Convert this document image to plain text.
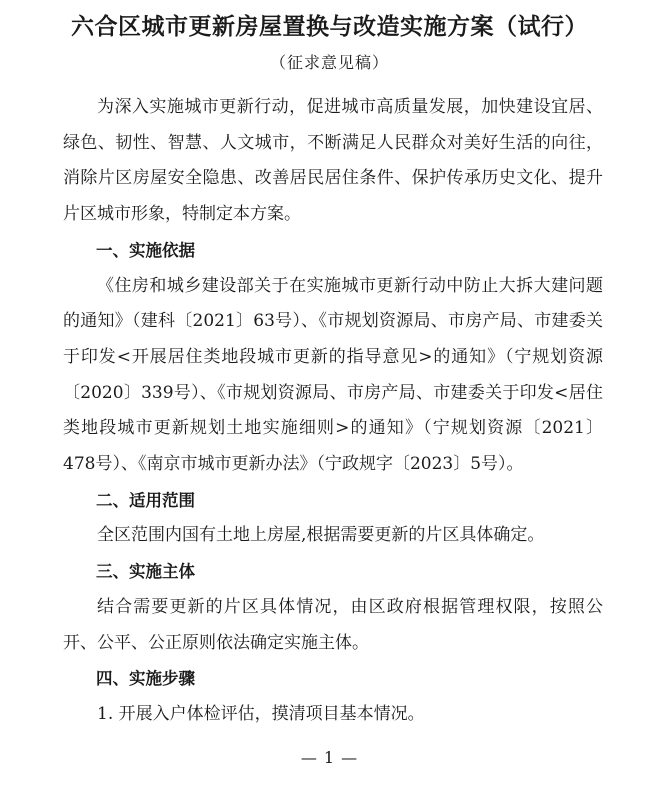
六合区城市更新房屋置换与改造实施方案（试行）
（征求意见稿）

为深入实施城市更新行动，促进城市高质量发展，加快建设宜居、绿色、韧性、智慧、人文城市，不断满足人民群众对美好生活的向往，消除片区房屋安全隐患、改善居民居住条件、保护传承历史文化、提升片区城市形象，特制定本方案。

一、实施依据

《住房和城乡建设部关于在实施城市更新行动中防止大拆大建问题的通知》（建科〔2021〕63号）、《市规划资源局、市房产局、市建委关于印发<开展居住类地段城市更新的指导意见>的通知》（宁规划资源〔2020〕339号）、《市规划资源局、市房产局、市建委关于印发<居住类地段城市更新规划土地实施细则>的通知》（宁规划资源〔2021〕478号）、《南京市城市更新办法》（宁政规字〔2023〕5号）。

二、适用范围

全区范围内国有土地上房屋,根据需要更新的片区具体确定。

三、实施主体

结合需要更新的片区具体情况，由区政府根据管理权限，按照公开、公平、公正原则依法确定实施主体。

四、实施步骤

1. 开展入户体检评估，摸清项目基本情况。

— 1 —
